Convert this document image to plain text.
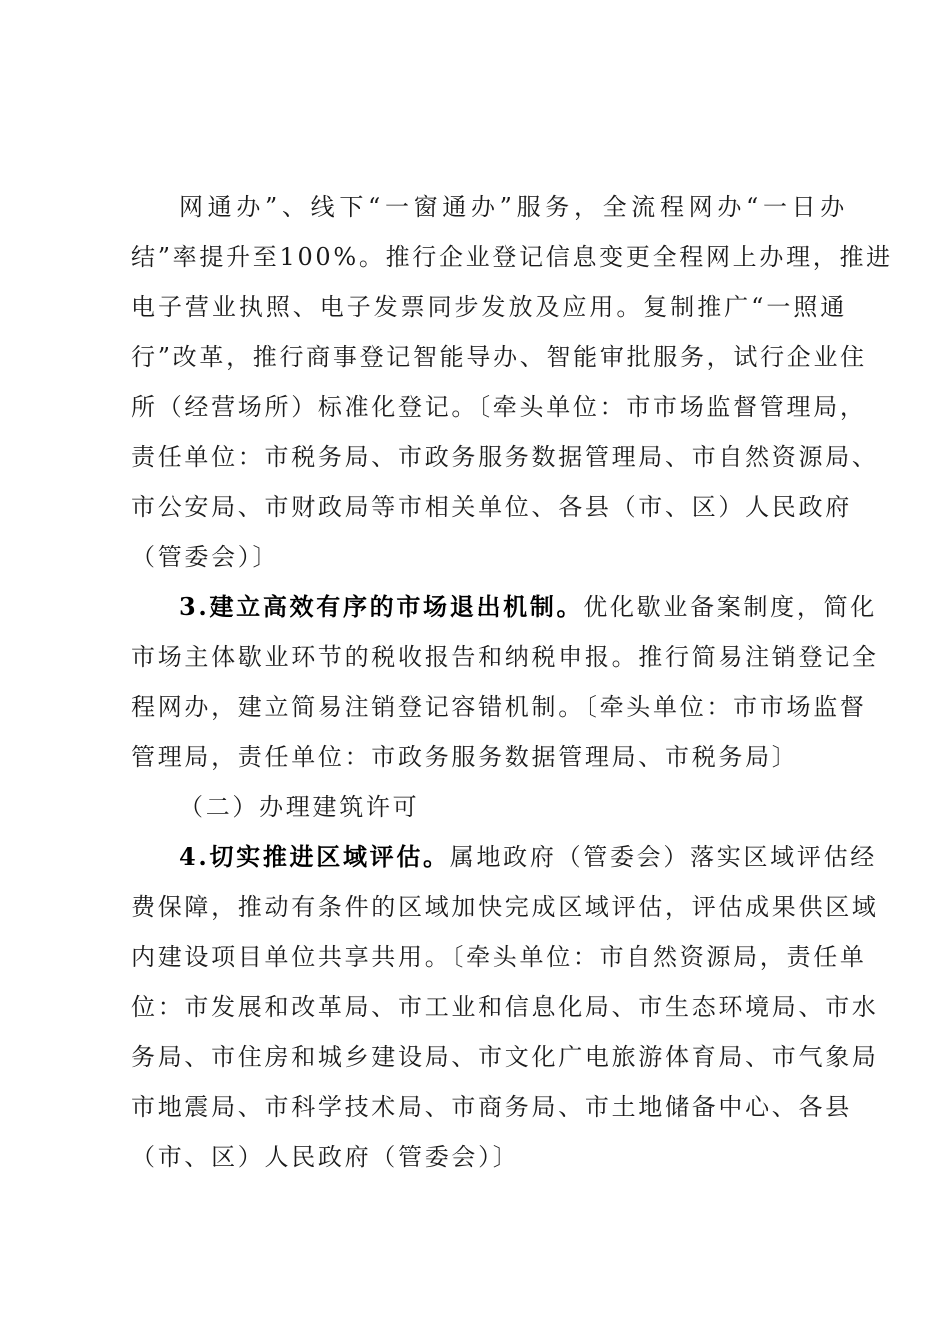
网通办”、线下“一窗通办”服务，全流程网办“一日办
结”率提升至100%。推行企业登记信息变更全程网上办理，推进
电子营业执照、电子发票同步发放及应用。复制推广“一照通
行”改革，推行商事登记智能导办、智能审批服务，试行企业住
所（经营场所）标准化登记。〔牵头单位：市市场监督管理局，
责任单位：市税务局、市政务服务数据管理局、市自然资源局、
市公安局、市财政局等市相关单位、各县（市、区）人民政府
（管委会）〕
3.建立高效有序的市场退出机制。优化歇业备案制度，简化
市场主体歇业环节的税收报告和纳税申报。推行简易注销登记全
程网办，建立简易注销登记容错机制。〔牵头单位：市市场监督
管理局，责任单位：市政务服务数据管理局、市税务局〕
（二）办理建筑许可
4.切实推进区域评估。属地政府（管委会）落实区域评估经
费保障，推动有条件的区域加快完成区域评估，评估成果供区域
内建设项目单位共享共用。〔牵头单位：市自然资源局，责任单
位：市发展和改革局、市工业和信息化局、市生态环境局、市水
务局、市住房和城乡建设局、市文化广电旅游体育局、市气象局
市地震局、市科学技术局、市商务局、市土地储备中心、各县
（市、区）人民政府（管委会）〕
